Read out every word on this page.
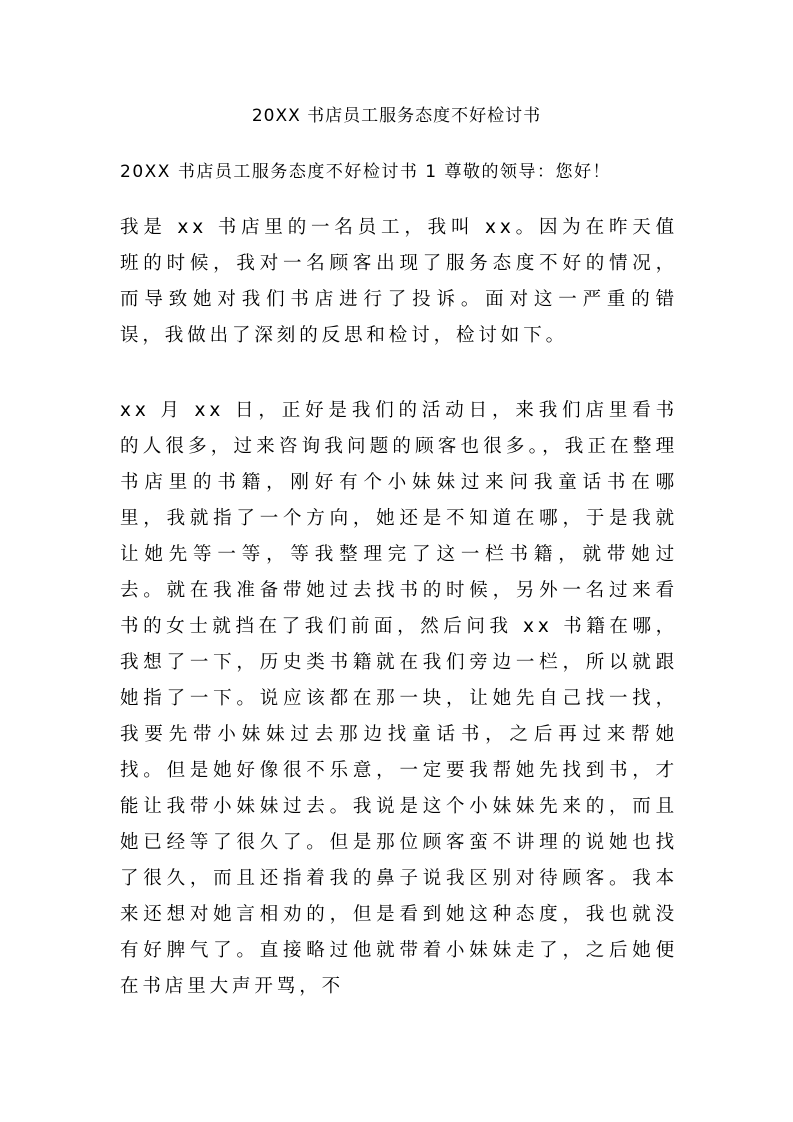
20XX 书店员工服务态度不好检讨书
20XX 书店员工服务态度不好检讨书 1 尊敬的领导：您好！

我是 xx 书店里的一名员工，我叫 xx。因为在昨天值班的时候，我对一名顾客出现了服务态度不好的情况，而导致她对我们书店进行了投诉。面对这一严重的错误，我做出了深刻的反思和检讨，检讨如下。

xx 月 xx 日，正好是我们的活动日，来我们店里看书的人很多，过来咨询我问题的顾客也很多。，我正在整理书店里的书籍，刚好有个小妹妹过来问我童话书在哪里，我就指了一个方向，她还是不知道在哪，于是我就让她先等一等，等我整理完了这一栏书籍，就带她过去。就在我准备带她过去找书的时候，另外一名过来看书的女士就挡在了我们前面，然后问我 xx 书籍在哪，我想了一下，历史类书籍就在我们旁边一栏，所以就跟她指了一下。说应该都在那一块，让她先自己找一找，我要先带小妹妹过去那边找童话书，之后再过来帮她找。但是她好像很不乐意，一定要我帮她先找到书，才能让我带小妹妹过去。我说是这个小妹妹先来的，而且她已经等了很久了。但是那位顾客蛮不讲理的说她也找了很久，而且还指着我的鼻子说我区别对待顾客。我本来还想对她言相劝的，但是看到她这种态度，我也就没有好脾气了。直接略过他就带着小妹妹走了，之后她便在书店里大声开骂，不
